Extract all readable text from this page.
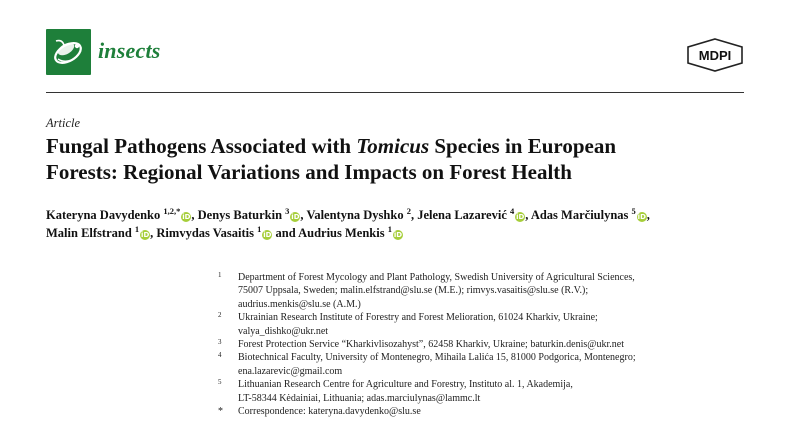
insects	MDPI
Article
Fungal Pathogens Associated with Tomicus Species in European
Forests: Regional Variations and Impacts on Forest Health
Kateryna Davydenko $^{1,2,*}$iD, Denys Baturkin $^3$iD, Valentyna Dyshko $^2$, Jelena Lazarević $^4$iD, Adas Marčiulynas $^5$iD,
Malin Elfstrand $^1$iD, Rimvydas Vasaitis $^1$iD and Audrius Menkis $^1$iD
1 Department of Forest Mycology and Plant Pathology, Swedish University of Agricultural Sciences,
75007 Uppsala, Sweden; malin.elfstrand@slu.se (M.E.); rimvys.vasaitis@slu.se (R.V.);
audrius.menkis@slu.se (A.M.)
2 Ukrainian Research Institute of Forestry and Forest Melioration, 61024 Kharkiv, Ukraine;
valya_dishko@ukr.net
3 Forest Protection Service “Kharkivlisozahyst”, 62458 Kharkiv, Ukraine; baturkin.denis@ukr.net
4 Biotechnical Faculty, University of Montenegro, Mihaila Lalića 15, 81000 Podgorica, Montenegro;
ena.lazarevic@gmail.com
5 Lithuanian Research Centre for Agriculture and Forestry, Instituto al. 1, Akademija,
LT-58344 Kėdainiai, Lithuania; adas.marciulynas@lammc.lt
* Correspondence: kateryna.davydenko@slu.se
